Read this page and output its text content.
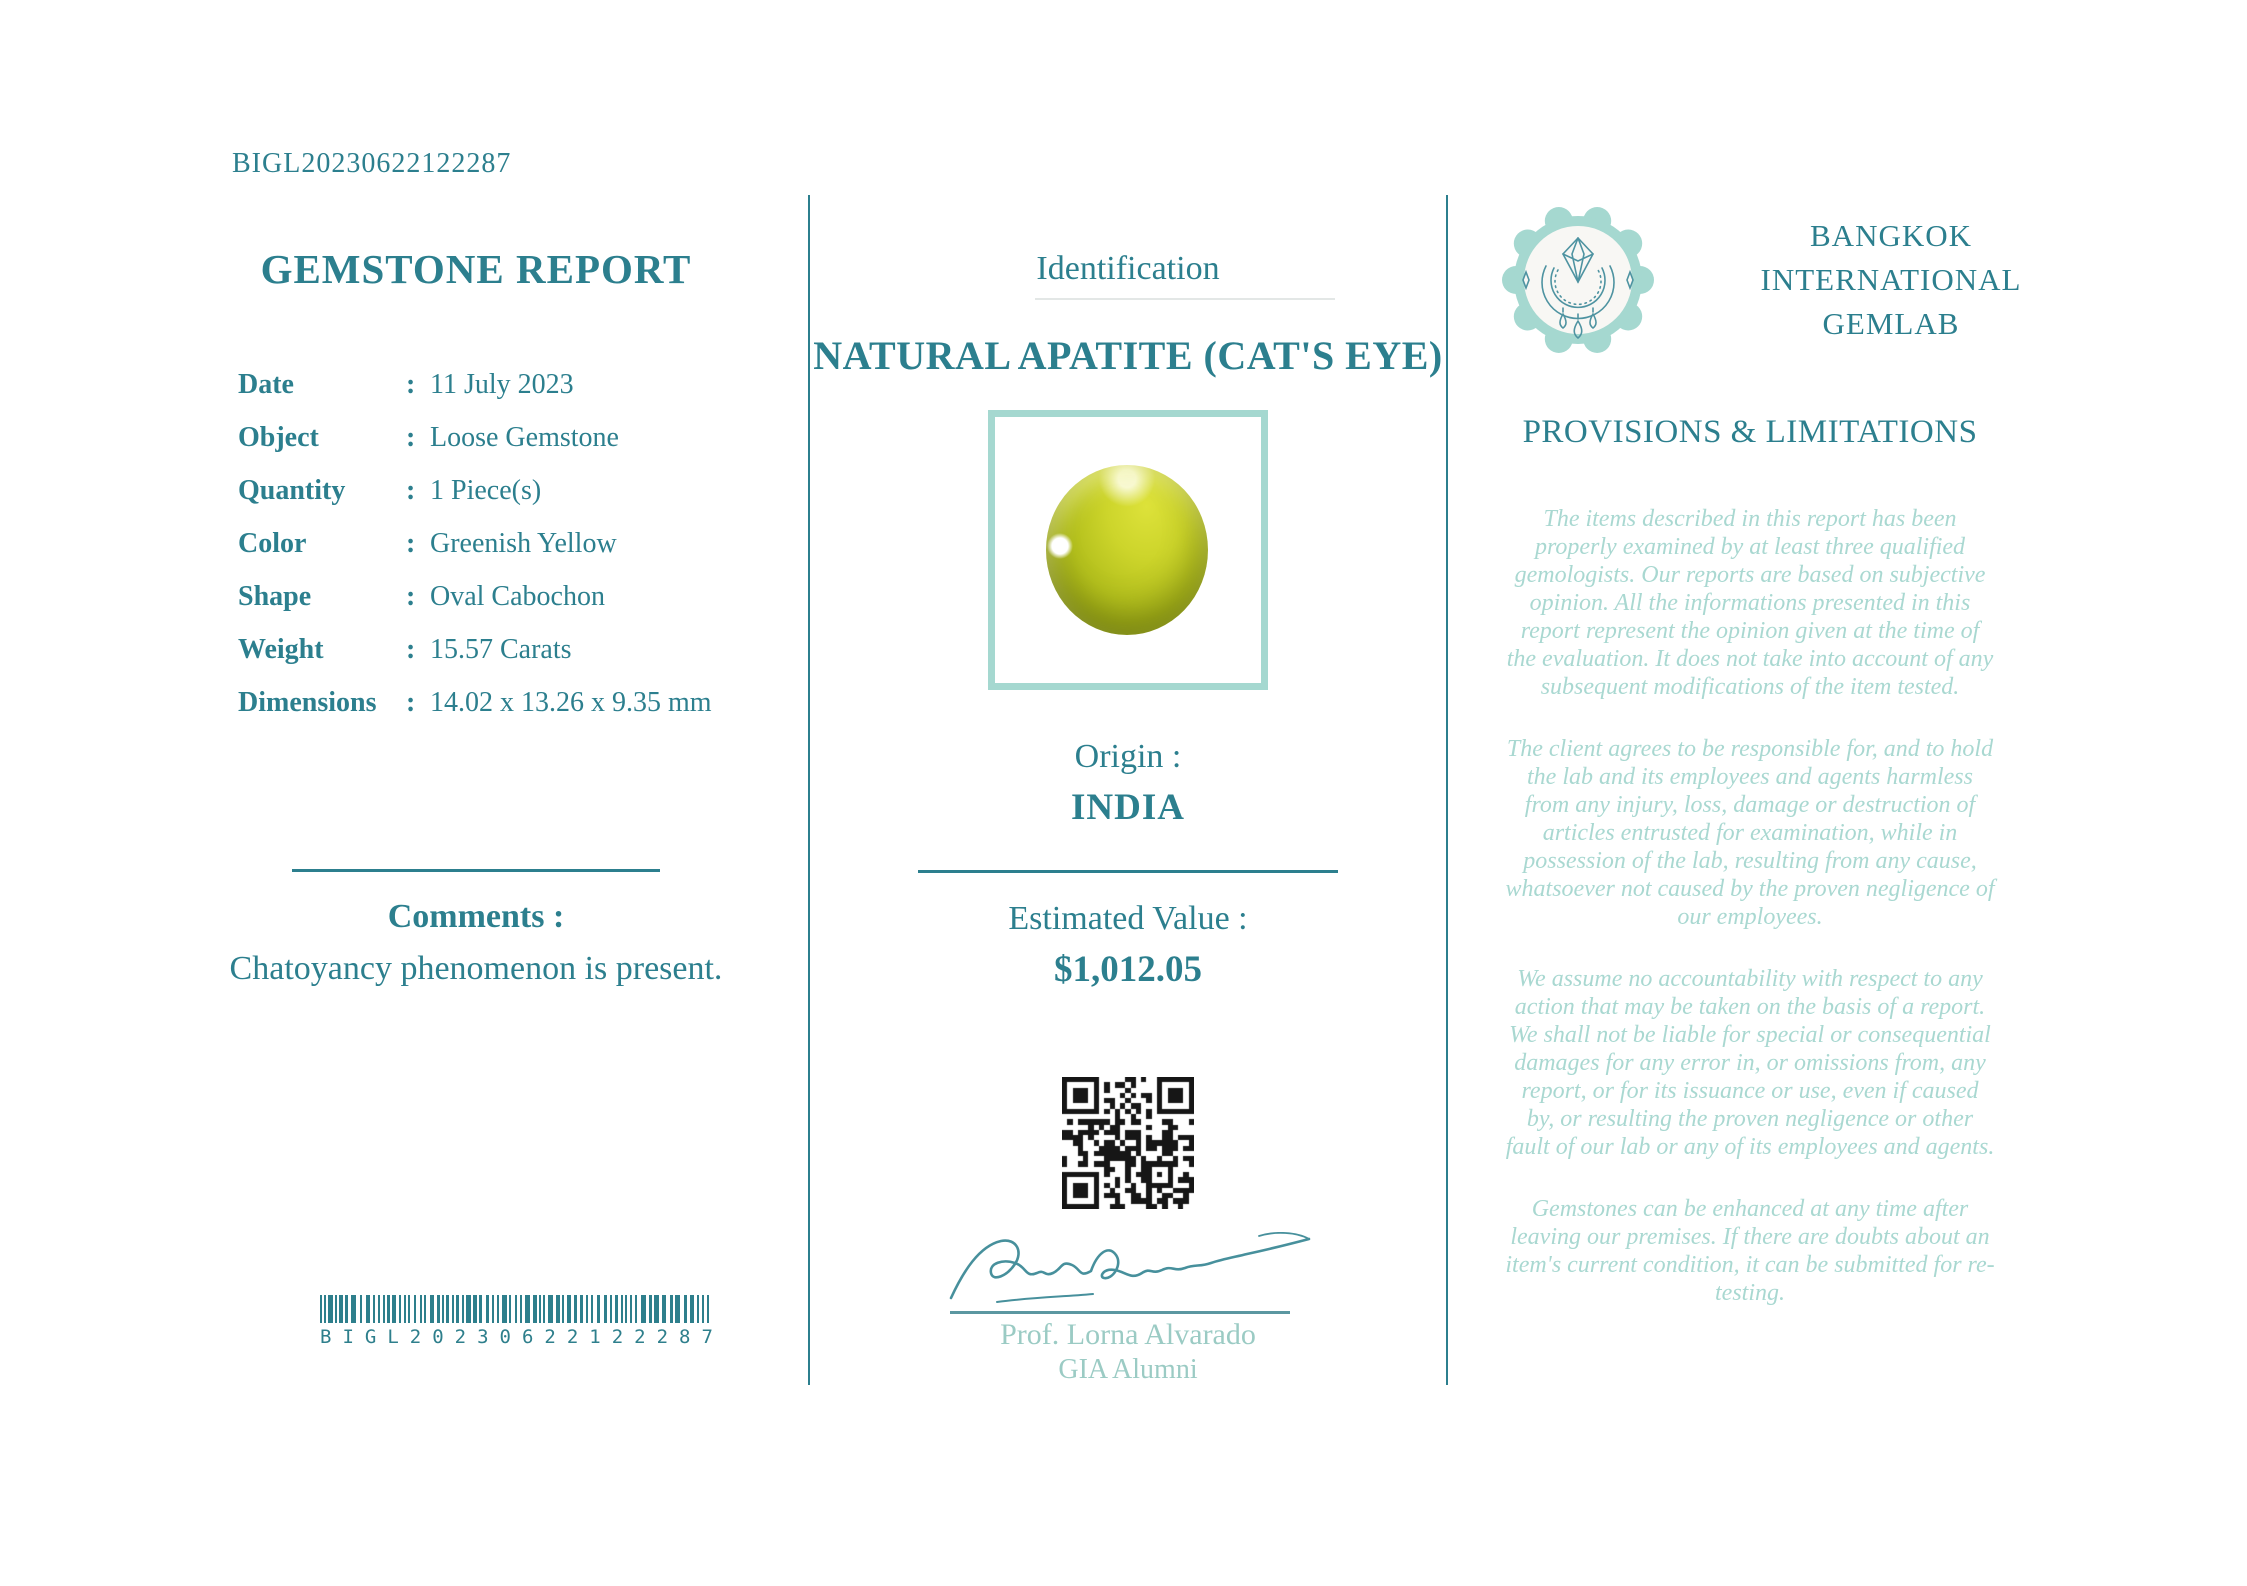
BIGL20230622122287
GEMSTONE REPORT
Date	: 11 July 2023
Object	: Loose Gemstone
Quantity	: 1 Piece(s)
Color	: Greenish Yellow
Shape	: Oval Cabochon
Weight	: 15.57 Carats
Dimensions	: 14.02 x 13.26 x 9.35 mm
Comments :
Chatoyancy phenomenon is present.
BIGL20230622122287
Identification
NATURAL APATITE (CAT'S EYE)
Origin :
INDIA
Estimated Value :
$1,012.05
Prof. Lorna Alvarado
GIA Alumni
BANGKOK
INTERNATIONAL
GEMLAB
PROVISIONS & LIMITATIONS

The items described in this report has been properly examined by at least three qualified gemologists. Our reports are based on subjective opinion. All the informations presented in this report represent the opinion given at the time of the evaluation. It does not take into account of any subsequent modifications of the item tested.

The client agrees to be responsible for, and to hold the lab and its employees and agents harmless from any injury, loss, damage or destruction of articles entrusted for examination, while in possession of the lab, resulting from any cause, whatsoever not caused by the proven negligence of our employees.

We assume no accountability with respect to any action that may be taken on the basis of a report. We shall not be liable for special or consequential damages for any error in, or omissions from, any report, or for its issuance or use, even if caused by, or resulting the proven negligence or other fault of our lab or any of its employees and agents.

Gemstones can be enhanced at any time after leaving our premises. If there are doubts about an item's current condition, it can be submitted for re-testing.
